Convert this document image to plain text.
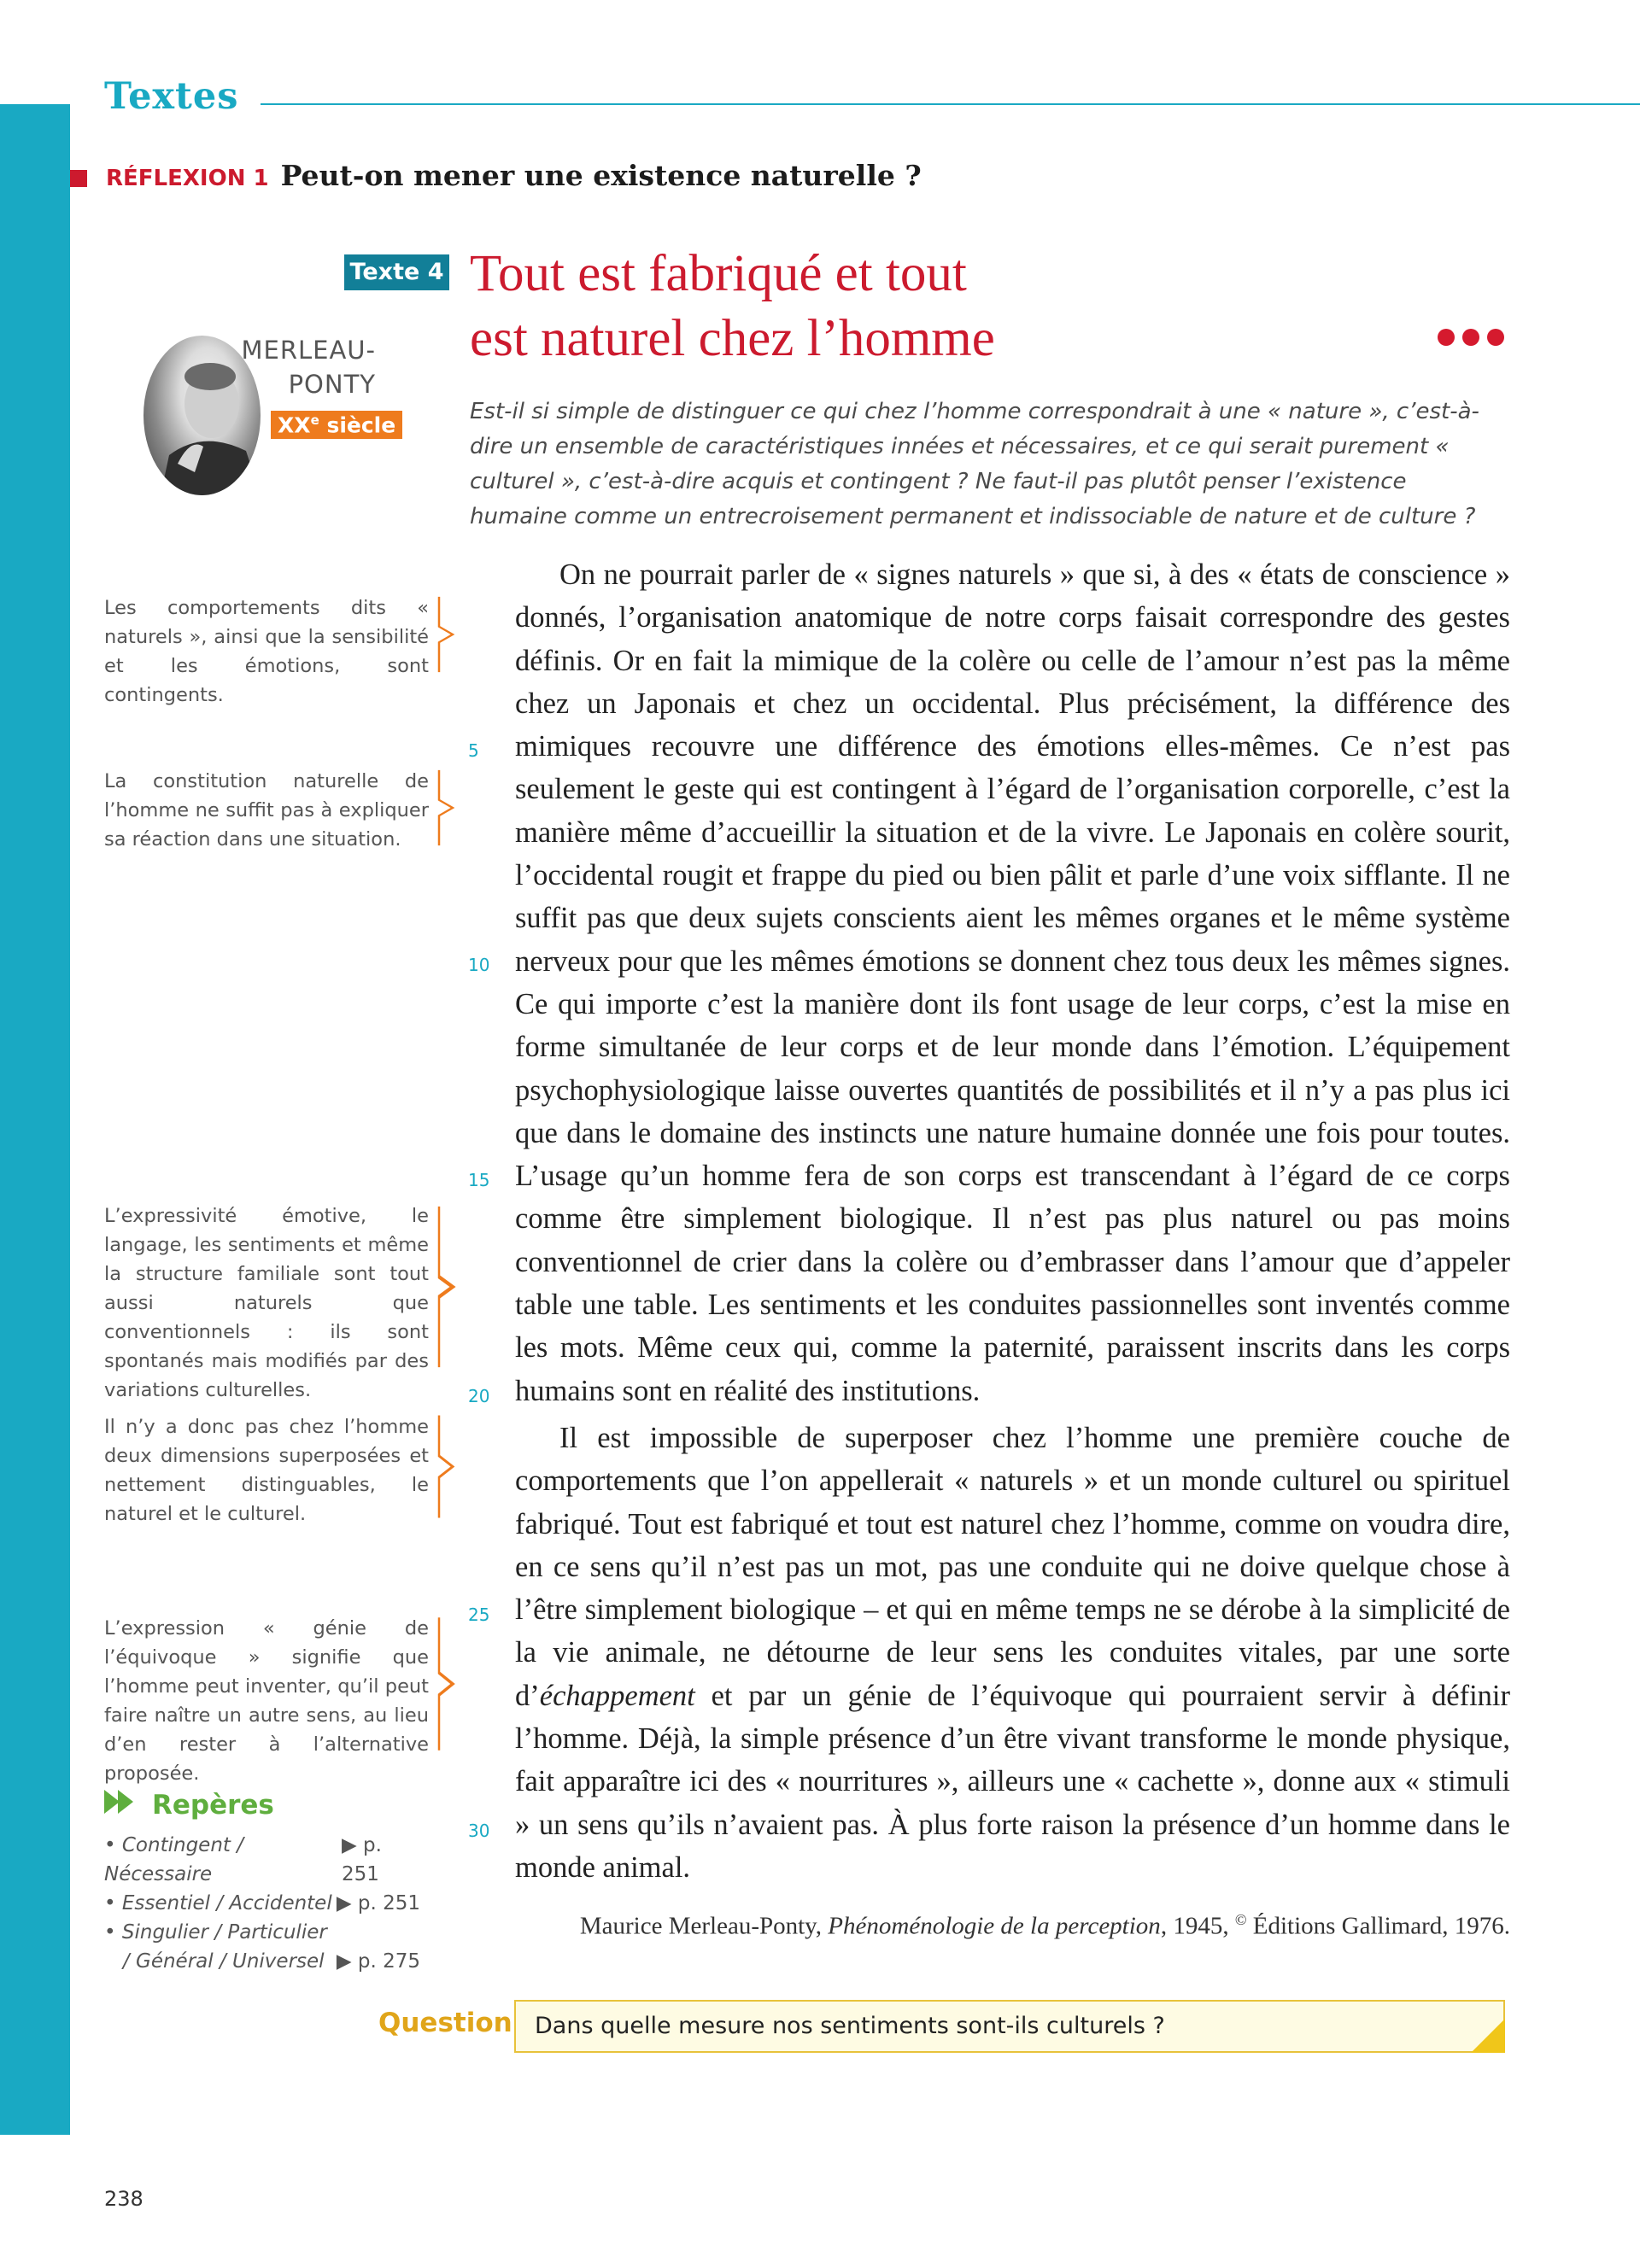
Textes
RÉFLEXION 1 Peut-on mener une existence naturelle ?
Texte 4 Tout est fabriqué et tout
est naturel chez l’homme
MERLEAU-
PONTY
XXe siècle
Est-il si simple de distinguer ce qui chez l’homme correspondrait à une « nature », c’est-à-dire un ensemble de caractéristiques innées et nécessaires, et ce qui serait purement « culturel », c’est-à-dire acquis et contingent ? Ne faut-il pas plutôt penser l’existence humaine comme un entrecroisement permanent et indissociable de nature et de culture ?

On ne pourrait parler de « signes naturels » que si, à des « états de conscience » donnés, l’organisation anatomique de notre corps faisait correspondre des gestes définis. Or en fait la mimique de la colère ou celle de l’amour n’est pas la même chez un Japonais et chez un occidental. Plus précisément, la différence des mimiques recouvre une différence des émotions elles-mêmes. Ce n’est pas seulement le geste qui est contingent à l’égard de l’organisation corporelle, c’est la manière même d’accueillir la situation et de la vivre. Le Japonais en colère sourit, l’occidental rougit et frappe du pied ou bien pâlit et parle d’une voix sifflante. Il ne suffit pas que deux sujets conscients aient les mêmes organes et le même système nerveux pour que les mêmes émotions se donnent chez tous deux les mêmes signes. Ce qui importe c’est la manière dont ils font usage de leur corps, c’est la mise en forme simultanée de leur corps et de leur monde dans l’émotion. L’équipement psychophysiologique laisse ouvertes quantités de possibilités et il n’y a pas plus ici que dans le domaine des instincts une nature humaine donnée une fois pour toutes. L’usage qu’un homme fera de son corps est transcendant à l’égard de ce corps comme être simplement biologique. Il n’est pas plus naturel ou pas moins conventionnel de crier dans la colère ou d’embrasser dans l’amour que d’appeler table une table. Les sentiments et les conduites passionnelles sont inventés comme les mots. Même ceux qui, comme la paternité, paraissent inscrits dans les corps humains sont en réalité des institutions.

Il est impossible de superposer chez l’homme une première couche de comportements que l’on appellerait « naturels » et un monde culturel ou spirituel fabriqué. Tout est fabriqué et tout est naturel chez l’homme, comme on voudra dire, en ce sens qu’il n’est pas un mot, pas une conduite qui ne doive quelque chose à l’être simplement biologique – et qui en même temps ne se dérobe à la simplicité de la vie animale, ne détourne de leur sens les conduites vitales, par une sorte d’échappement et par un génie de l’équivoque qui pourraient servir à définir l’homme. Déjà, la simple présence d’un être vivant transforme le monde physique, fait apparaître ici des « nourritures », ailleurs une « cachette », donne aux « stimuli » un sens qu’ils n’avaient pas. À plus forte raison la présence d’un homme dans le monde animal.

5
10
15
20
25
30
Les comportements dits « naturels », ainsi que la sensibilité et les émotions, sont contingents.
La constitution naturelle de l’homme ne suffit pas à expliquer sa réaction dans une situation.
L’expressivité émotive, le langage, les sentiments et même la structure familiale sont tout aussi naturels que conventionnels : ils sont spontanés mais modifiés par des variations culturelles.
Il n’y a donc pas chez l’homme deux dimensions superposées et nettement distinguables, le naturel et le culturel.
L’expression « génie de l’équivoque » signifie que l’homme peut inventer, qu’il peut faire naître un autre sens, au lieu d’en rester à l’alternative proposée.
Repères
• Contingent / Nécessaire
▶ p. 251
• Essentiel / Accidentel ▶ p. 251
• Singulier / Particulier
/ Général / Universel ▶ p. 275
Maurice Merleau-Ponty, Phénoménologie de la perception, 1945, © Éditions Gallimard, 1976.
Question Dans quelle mesure nos sentiments sont-ils culturels ?
238
